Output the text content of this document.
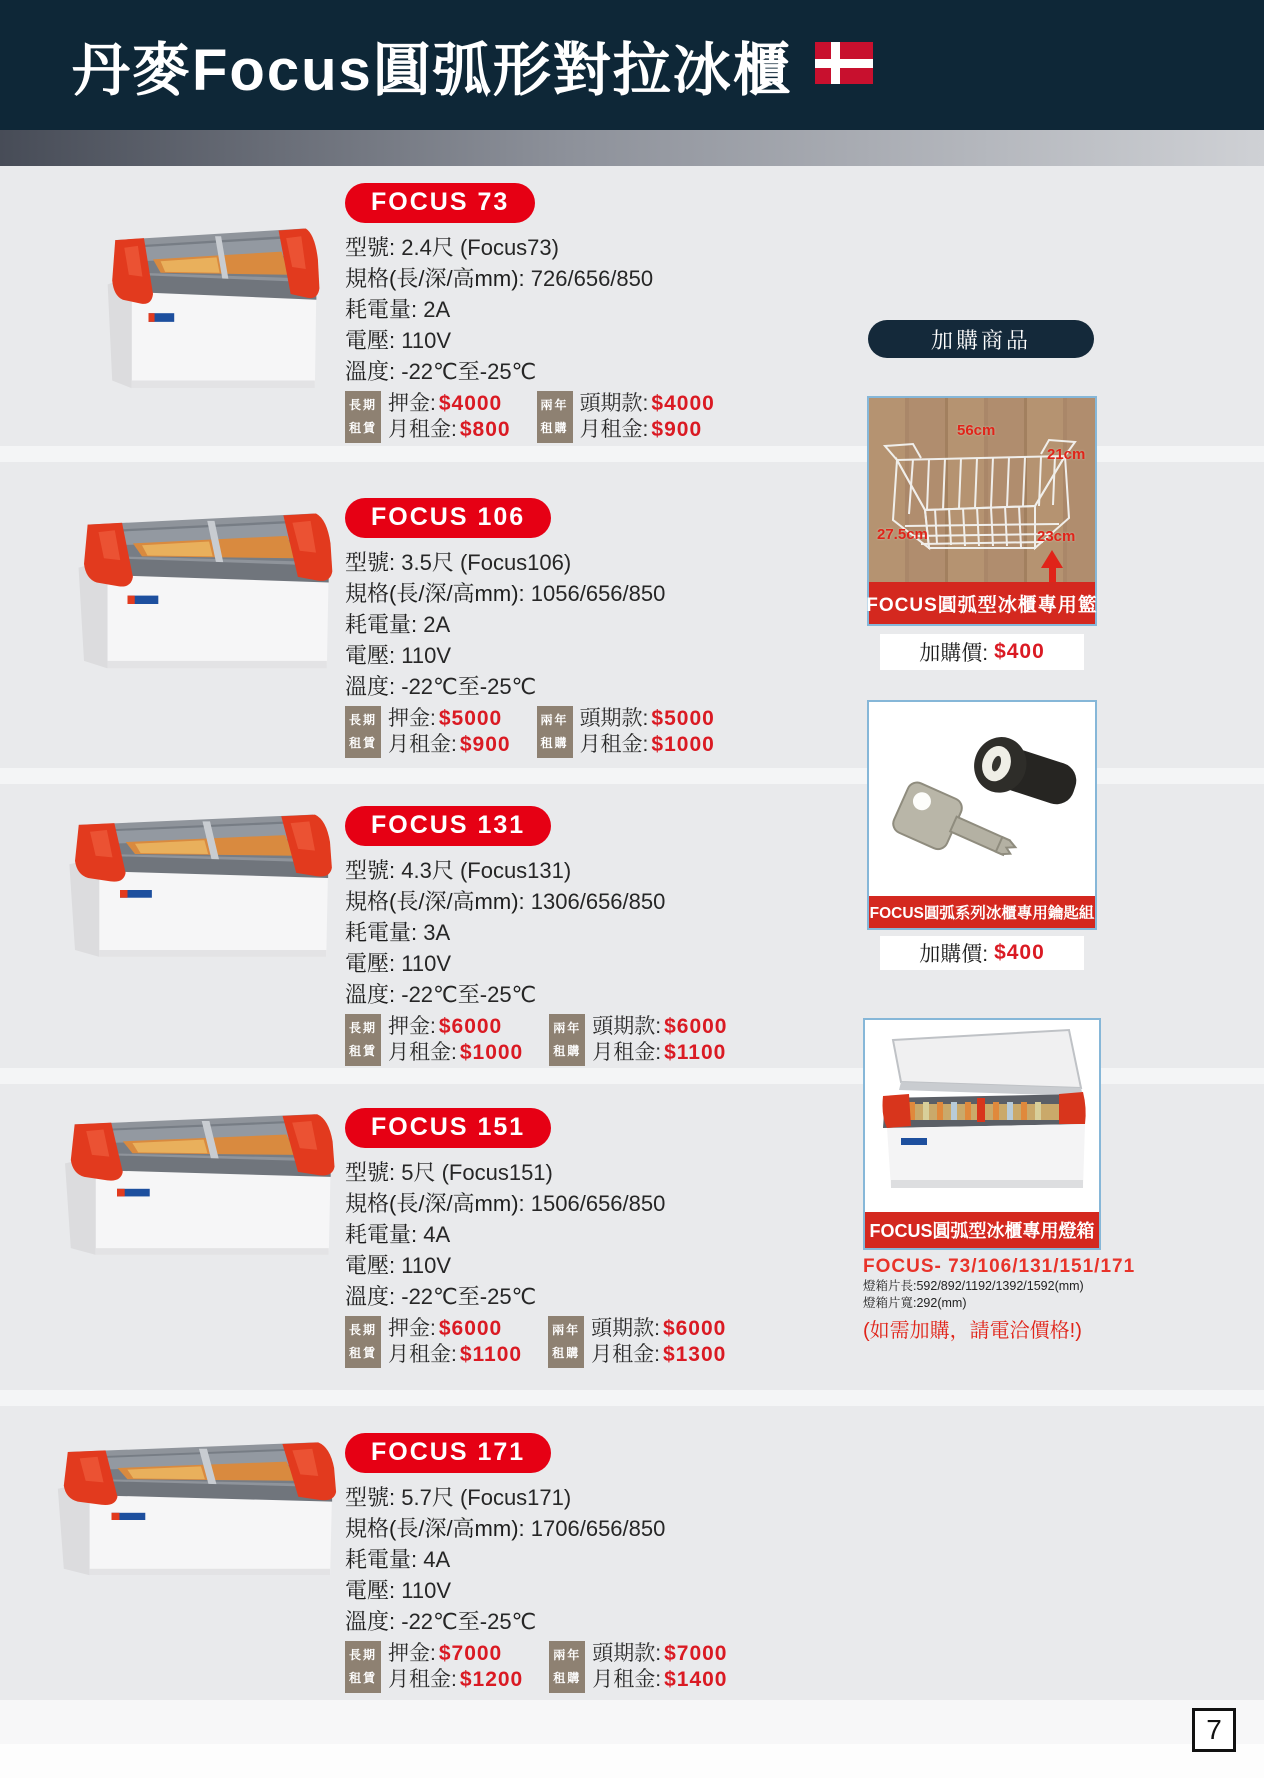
丹麥Focus圓弧形對拉冰櫃
FOCUS 73
型號: 2.4尺 (Focus73)
規格(長/深/高mm): 726/656/850
耗電量: 2A
電壓: 110V
溫度: -22℃至-25℃
長期
租賃
押金: $4000
月租金: $800
兩年
租購
頭期款: $4000
月租金: $900
FOCUS 106
型號: 3.5尺 (Focus106)
規格(長/深/高mm): 1056/656/850
耗電量: 2A
電壓: 110V
溫度: -22℃至-25℃
長期
租賃
押金: $5000
月租金: $900
兩年
租購
頭期款: $5000
月租金: $1000
FOCUS 131
型號: 4.3尺 (Focus131)
規格(長/深/高mm): 1306/656/850
耗電量: 3A
電壓: 110V
溫度: -22℃至-25℃
長期
租賃
押金: $6000
月租金: $1000
兩年
租購
頭期款: $6000
月租金: $1100
FOCUS 151
型號: 5尺 (Focus151)
規格(長/深/高mm): 1506/656/850
耗電量: 4A
電壓: 110V
溫度: -22℃至-25℃
長期
租賃
押金: $6000
月租金: $1100
兩年
租購
頭期款: $6000
月租金: $1300
FOCUS 171
型號: 5.7尺 (Focus171)
規格(長/深/高mm): 1706/656/850
耗電量: 4A
電壓: 110V
溫度: -22℃至-25℃
長期
租賃
押金: $7000
月租金: $1200
兩年
租購
頭期款: $7000
月租金: $1400
加購商品
56cm
21cm
27.5cm	23cm
FOCUS圓弧型冰櫃專用籃
加購價: $400
FOCUS圓弧系列冰櫃專用鑰匙組
加購價: $400
FOCUS圓弧型冰櫃專用燈箱
FOCUS- 73/106/131/151/171
燈箱片長:592/892/1192/1392/1592(mm)
燈箱片寬:292(mm)
(如需加購，請電洽價格!)
7
